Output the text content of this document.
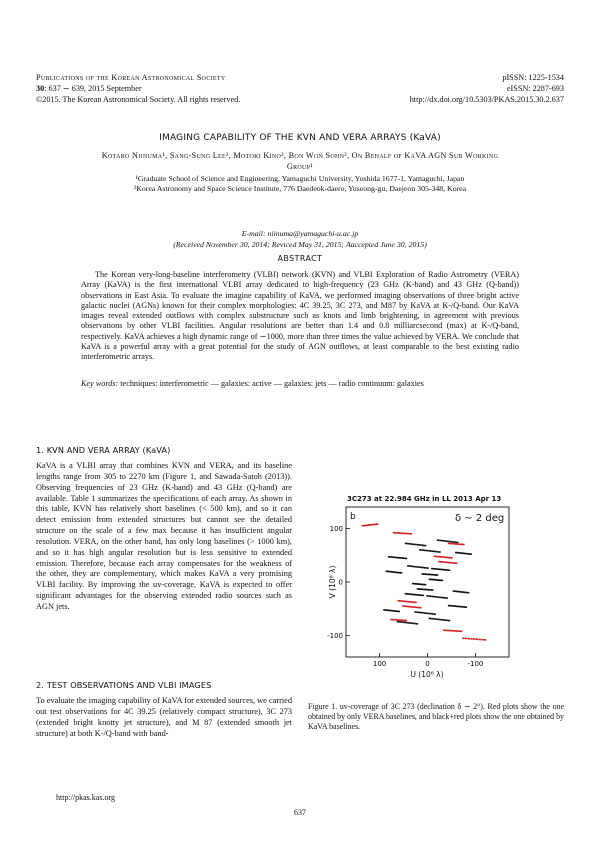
Publications of the Korean Astronomical Society
30: 637 ∼ 639, 2015 September
©2015. The Korean Astronomical Society. All rights reserved.
pISSN: 1225-1534
eISSN: 2287-693
http://dx.doi.org/10.5303/PKAS.2015.30.2.637
IMAGING CAPABILITY OF THE KVN AND VERA ARRAYS (KaVA)
Kotaro Niinuma¹, Sang-Sung Lee², Motoki Kino², Bon Won Sohn², On Behalf of KaVA AGN Sub Working
Group¹
¹Graduate School of Science and Engineering, Yamaguchi University, Yoshida 1677-1, Yamaguchi, Japan
²Korea Astronomy and Space Science Institute, 776 Daedeok-daero, Yuseong-gu, Daejeon 305-348, Korea
E-mail: niinuma@yamaguchi-u.ac.jp
(Received November 30, 2014; Reviced May 31, 2015; Aaccepted June 30, 2015)
ABSTRACT
The Korean very-long-baseline interferometry (VLBI) network (KVN) and VLBI Exploration of Radio Astrometry (VERA) Array (KaVA) is the first international VLBI array dedicated to high-frequency (23 GHz (K-band) and 43 GHz (Q-band)) observations in East Asia. To evaluate the imagine capability of KaVA, we performed imaging observations of three bright active galactic nuclei (AGNs) known for their complex morphologies: 4C 39.25, 3C 273, and M87 by KaVA at K-/Q-band. Our KaVA images reveal extended outflows with complex substructure such as knots and limb brightening, in agreement with previous observations by other VLBI facilities. Angular resolutions are better than 1.4 and 0.8 milliarcsecond (max) at K-/Q-band, respectively. KaVA achieves a high dynamic range of ∼1000, more than three times the value achieved by VERA. We conclude that KaVA is a powerful array with a great potential for the study of AGN outflows, at least comparable to the best existing radio interferometric arrays.
Key words: techniques: interferometric — galaxies: active — galaxies: jets — radio continuum: galaxies
1. KVN AND VERA ARRAY (KaVA)
KaVA is a VLBI array that combines KVN and VERA, and its baseline lengths range from 305 to 2270 km (Figure 1, and Sawada-Satoh (2013)). Observing frequencies of 23 GHz (K-band) and 43 GHz (Q-band) are available. Table 1 summarizes the specifications of each array. As shown in this table, KVN has relatively short baselines (< 500 km), and so it can detect emission from extended structures but cannot see the detailed structure on the scale of a few max because it has insufficient angular resolution. VERA, on the other hand, has only long baselines (> 1000 km), and so it has high angular resolution but is less sensitive to extended emission. Therefore, because each array compensates for the weakness of the other, they are complementary, which makes KaVA a very promising VLBI facility. By improving the uv-coverage, KaVA is expected to offer significant advantages for the observing extended radio sources such as AGN jets.
2. TEST OBSERVATIONS AND VLBI IMAGES
To evaluate the imaging capability of KaVA for extended sources, we carried out test observations for 4C 39.25 (relatively compact structure), 3C 273 (extended bright knotty jet structure), and M 87 (extended smooth jet structure) at both K-/Q-band with band-
3C273 at 22.984 GHz in LL 2013 Apr 13
b	δ ∼ 2 deg
100	0	-100
100
0
-100
U (10⁶ λ)
V (10⁶ λ)
Figure 1. uv-coverage of 3C 273 (declination δ ∼ 2°). Red plots show the one obtained by only VERA baselines, and black+red plots show the one obtained by KaVA baselines.
http://pkas.kas.org
637
